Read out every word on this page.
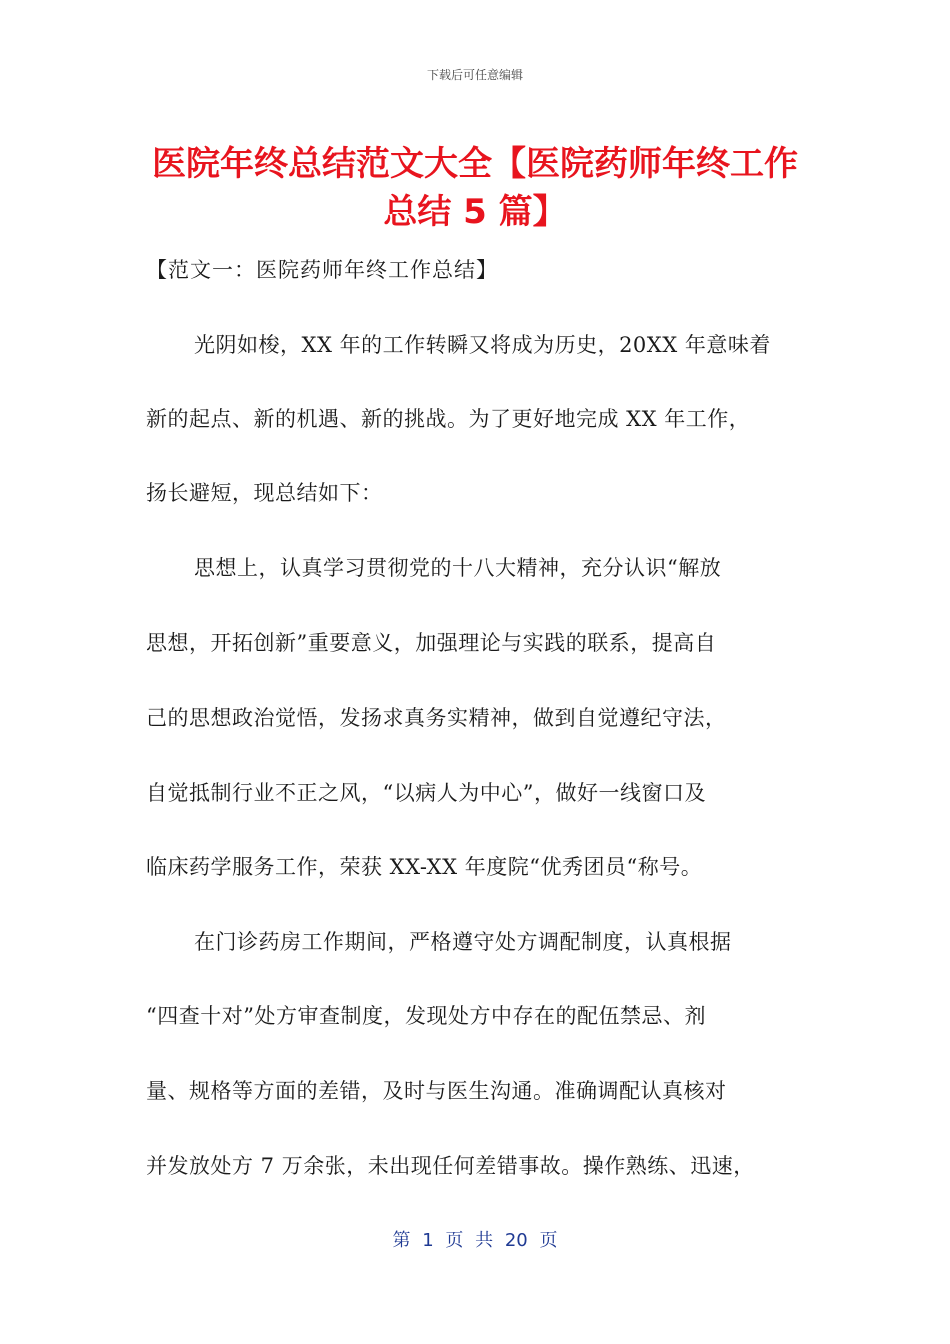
下载后可任意编辑
医院年终总结范文大全【医院药师年终工作
总结 5 篇】

【范文一：医院药师年终工作总结】

光阴如梭，XX 年的工作转瞬又将成为历史，20XX 年意味着

新的起点、新的机遇、新的挑战。为了更好地完成 XX 年工作，

扬长避短，现总结如下：

思想上，认真学习贯彻党的十八大精神，充分认识“解放

思想，开拓创新”重要意义，加强理论与实践的联系，提高自

己的思想政治觉悟，发扬求真务实精神，做到自觉遵纪守法，

自觉抵制行业不正之风，“以病人为中心”，做好一线窗口及

临床药学服务工作，荣获 XX-XX 年度院“优秀团员“称号。

在门诊药房工作期间，严格遵守处方调配制度，认真根据

“四查十对”处方审查制度，发现处方中存在的配伍禁忌、剂

量、规格等方面的差错，及时与医生沟通。准确调配认真核对

并发放处方 7 万余张，未出现任何差错事故。操作熟练、迅速，

第 1 页 共 20 页
